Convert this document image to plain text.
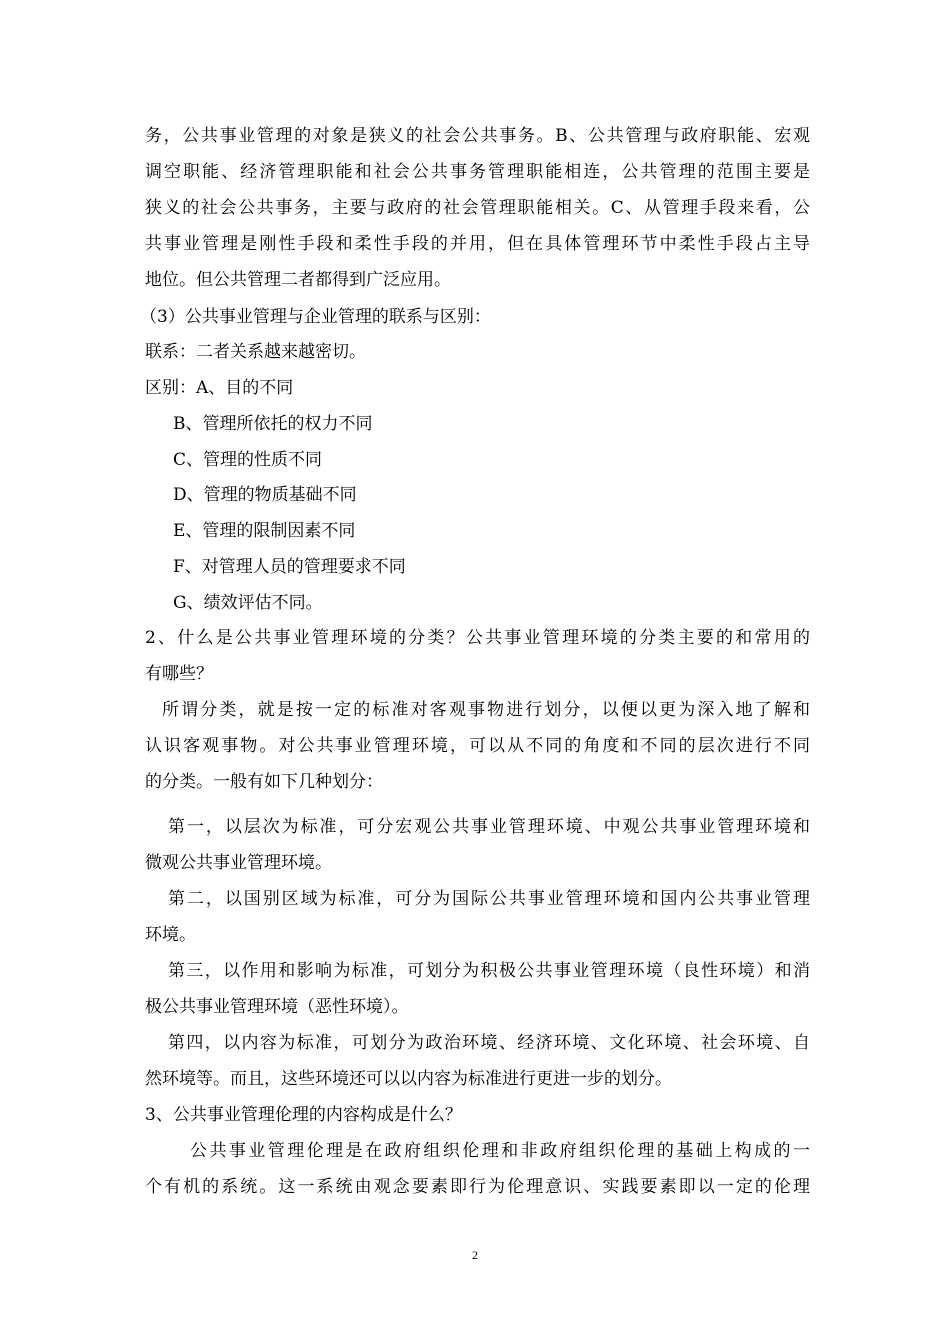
务，公共事业管理的对象是狭义的社会公共事务。B、公共管理与政府职能、宏观
调空职能、经济管理职能和社会公共事务管理职能相连，公共管理的范围主要是
狭义的社会公共事务，主要与政府的社会管理职能相关。C、从管理手段来看，公
共事业管理是刚性手段和柔性手段的并用，但在具体管理环节中柔性手段占主导
地位。但公共管理二者都得到广泛应用。
（3）公共事业管理与企业管理的联系与区别：
联系：二者关系越来越密切。
区别：A、目的不同
B、管理所依托的权力不同
C、管理的性质不同
D、管理的物质基础不同
E、管理的限制因素不同
F、对管理人员的管理要求不同
G、绩效评估不同。
2、什么是公共事业管理环境的分类？公共事业管理环境的分类主要的和常用的
有哪些？
所谓分类，就是按一定的标准对客观事物进行划分，以便以更为深入地了解和
认识客观事物。对公共事业管理环境，可以从不同的角度和不同的层次进行不同
的分类。一般有如下几种划分：
第一，以层次为标准，可分宏观公共事业管理环境、中观公共事业管理环境和
微观公共事业管理环境。
第二，以国别区域为标准，可分为国际公共事业管理环境和国内公共事业管理
环境。
第三，以作用和影响为标准，可划分为积极公共事业管理环境（良性环境）和消
极公共事业管理环境（恶性环境）。
第四，以内容为标准，可划分为政治环境、经济环境、文化环境、社会环境、自
然环境等。而且，这些环境还可以以内容为标准进行更进一步的划分。
3、公共事业管理伦理的内容构成是什么？
公共事业管理伦理是在政府组织伦理和非政府组织伦理的基础上构成的一
个有机的系统。这一系统由观念要素即行为伦理意识、实践要素即以一定的伦理
2
